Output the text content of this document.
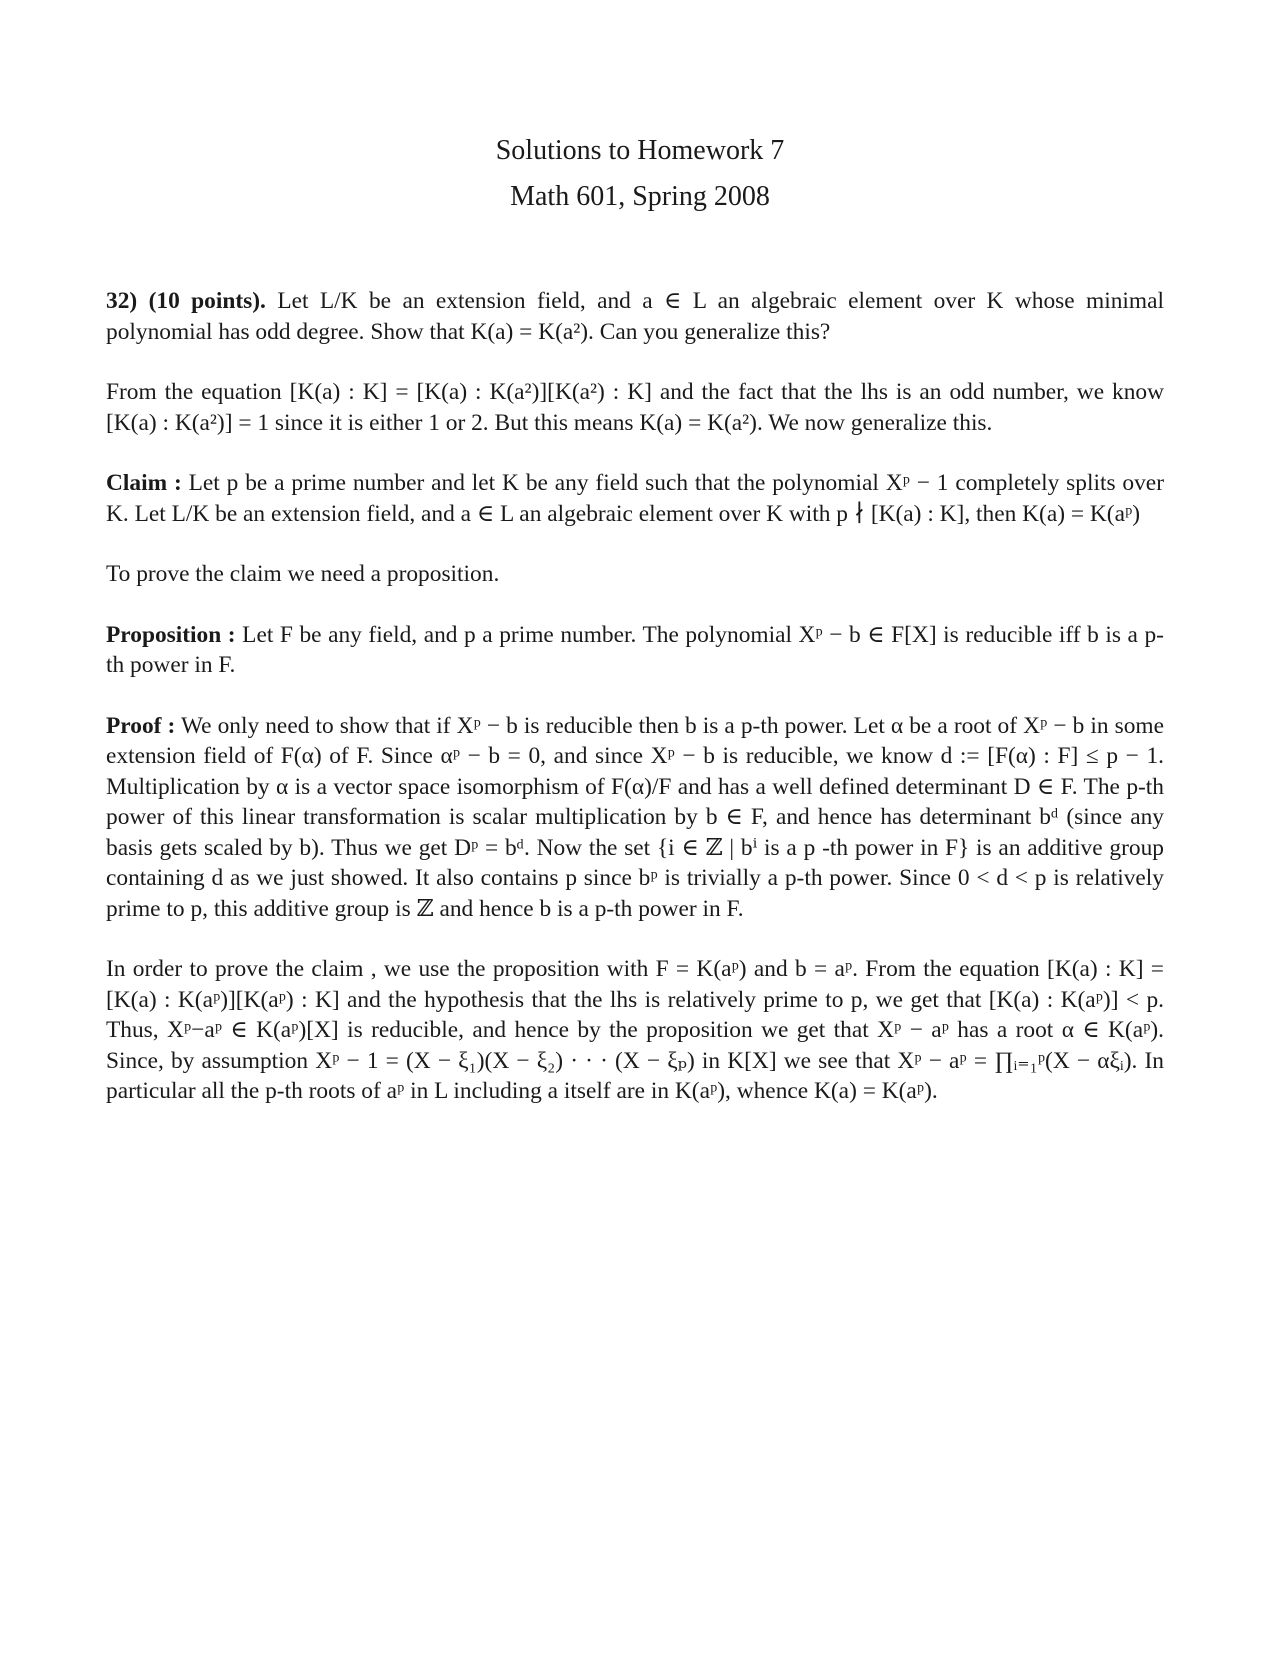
Solutions to Homework 7

Math 601, Spring 2008

32) (10 points). Let L/K be an extension field, and a ∈ L an algebraic element over K whose minimal polynomial has odd degree. Show that K(a) = K(a²). Can you generalize this?

From the equation [K(a) : K] = [K(a) : K(a²)][K(a²) : K] and the fact that the lhs is an odd number, we know [K(a) : K(a²)] = 1 since it is either 1 or 2. But this means K(a) = K(a²). We now generalize this.

Claim : Let p be a prime number and let K be any field such that the polynomial Xᵖ − 1 completely splits over K. Let L/K be an extension field, and a ∈ L an algebraic element over K with p ∤ [K(a) : K], then K(a) = K(aᵖ)

To prove the claim we need a proposition.

Proposition : Let F be any field, and p a prime number. The polynomial Xᵖ − b ∈ F[X] is reducible iff b is a p-th power in F.

Proof : We only need to show that if Xᵖ − b is reducible then b is a p-th power. Let α be a root of Xᵖ − b in some extension field of F(α) of F. Since αᵖ − b = 0, and since Xᵖ − b is reducible, we know d := [F(α) : F] ≤ p − 1. Multiplication by α is a vector space isomorphism of F(α)/F and has a well defined determinant D ∈ F. The p-th power of this linear transformation is scalar multiplication by b ∈ F, and hence has determinant bᵈ (since any basis gets scaled by b). Thus we get Dᵖ = bᵈ. Now the set {i ∈ ℤ | bⁱ is a p -th power in F} is an additive group containing d as we just showed. It also contains p since bᵖ is trivially a p-th power. Since 0 < d < p is relatively prime to p, this additive group is ℤ and hence b is a p-th power in F.

In order to prove the claim , we use the proposition with F = K(aᵖ) and b = aᵖ. From the equation [K(a) : K] = [K(a) : K(aᵖ)][K(aᵖ) : K] and the hypothesis that the lhs is relatively prime to p, we get that [K(a) : K(aᵖ)] < p. Thus, Xᵖ−aᵖ ∈ K(aᵖ)[X] is reducible, and hence by the proposition we get that Xᵖ − aᵖ has a root α ∈ K(aᵖ). Since, by assumption Xᵖ − 1 = (X − ξ₁)(X − ξ₂) · · · (X − ξₚ) in K[X] we see that Xᵖ − aᵖ = ∏ᵢ₌₁ᵖ(X − αξᵢ). In particular all the p-th roots of aᵖ in L including a itself are in K(aᵖ), whence K(a) = K(aᵖ).
